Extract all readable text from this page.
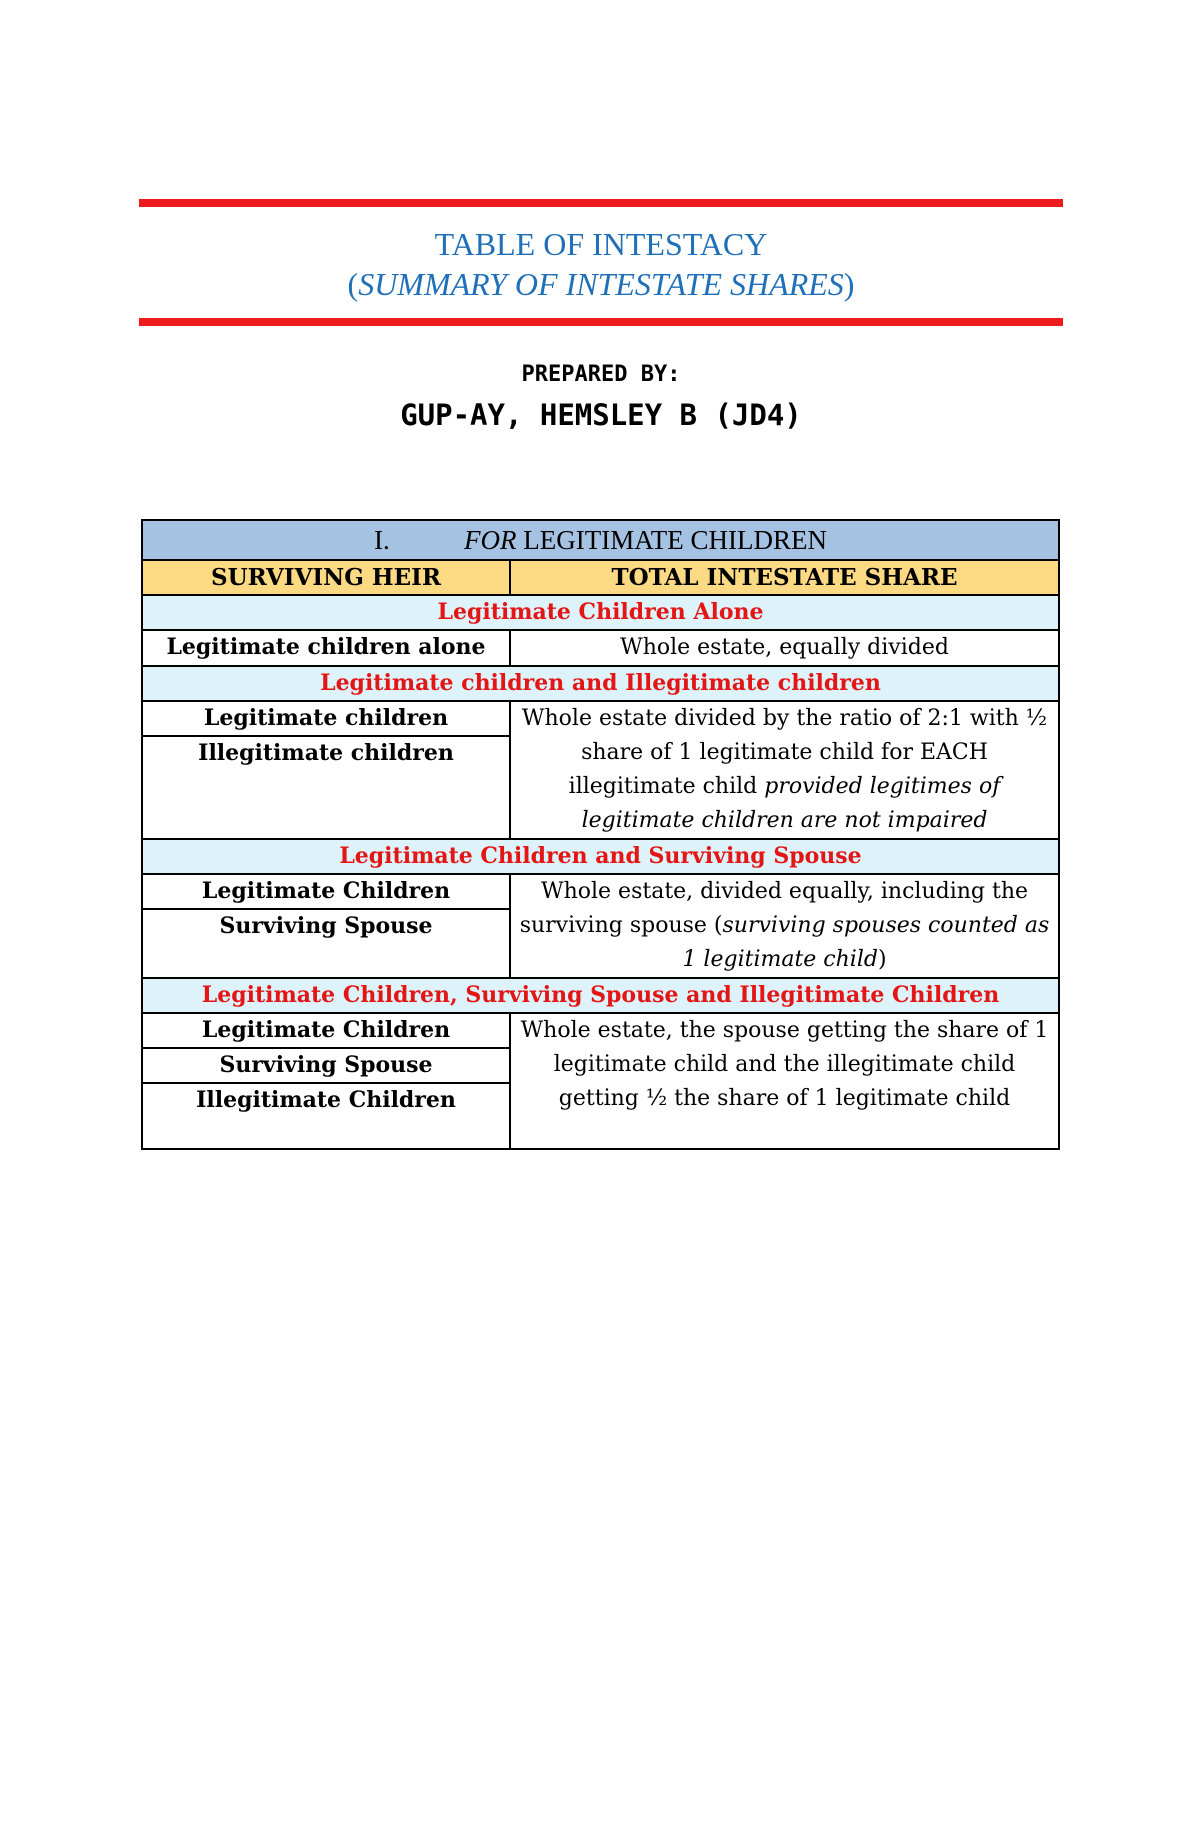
TABLE OF INTESTACY
(SUMMARY OF INTESTATE SHARES)
PREPARED BY:
GUP-AY, HEMSLEY B (JD4)
I. FOR LEGITIMATE CHILDREN	
SURVIVING HEIR	TOTAL INTESTATE SHARE
Legitimate Children Alone	
Legitimate children alone	Whole estate, equally divided
Legitimate children and Illegitimate children	
Legitimate children	Whole estate divided by the ratio of 2:1 with ½ share of 1 legitimate child for EACH illegitimate child provided legitimes of legitimate children are not impaired
Illegitimate children	
Legitimate Children and Surviving Spouse	
Legitimate Children	Whole estate, divided equally, including the surviving spouse (surviving spouses counted as 1 legitimate child)
Surviving Spouse	
Legitimate Children, Surviving Spouse and Illegitimate Children	
Legitimate Children	Whole estate, the spouse getting the share of 1 legitimate child and the illegitimate child getting ½ the share of 1 legitimate child
Surviving Spouse	
Illegitimate Children	
